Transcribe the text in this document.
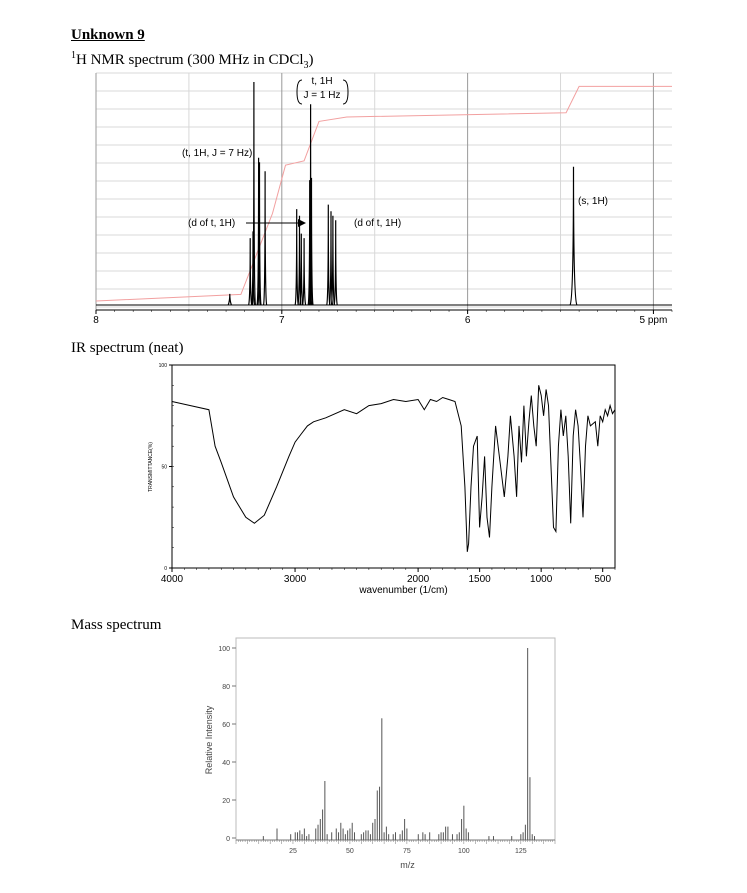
Unknown 9
$^1$H NMR spectrum (300 MHz in CDCl$_3$)
IR spectrum (neat)
Mass spectrum
8	7	6	5 ppm
t, 1H
J = 1 Hz
(t, 1H, J = 7 Hz)
(d of t, 1H)	(d of t, 1H)
(s, 1H)
100
50
0
TRANSMITTANCE(%)
4000	3000	2000	1500	1000	500
wavenumber (1/cm)
0
20
40
60
80
100
Relative Intensity
25	50	75	100	125
m/z
